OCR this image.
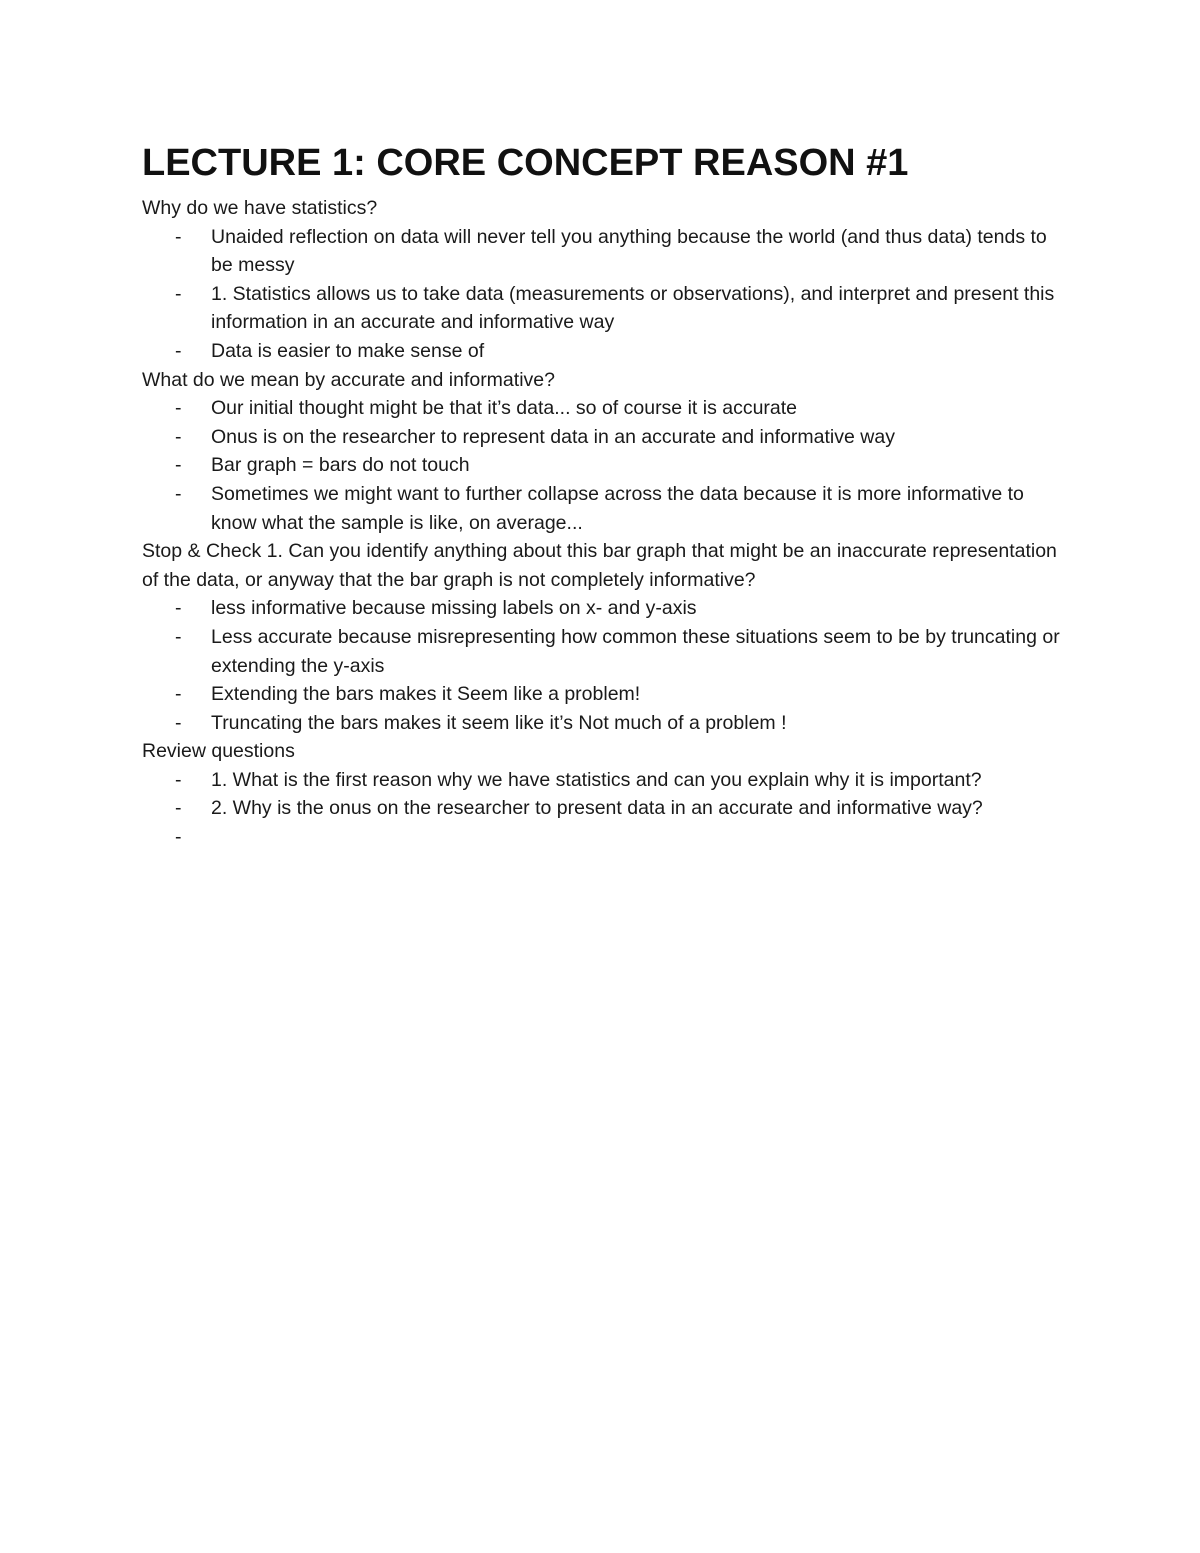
LECTURE 1: CORE CONCEPT REASON #1

Why do we have statistics?

- Unaided reflection on data will never tell you anything because the world (and thus data) tends to be messy
- 1. Statistics allows us to take data (measurements or observations), and interpret and present this information in an accurate and informative way
- Data is easier to make sense of

What do we mean by accurate and informative?

- Our initial thought might be that it’s data... so of course it is accurate
- Onus is on the researcher to represent data in an accurate and informative way
- Bar graph = bars do not touch
- Sometimes we might want to further collapse across the data because it is more informative to know what the sample is like, on average...

Stop & Check 1. Can you identify anything about this bar graph that might be an inaccurate representation of the data, or anyway that the bar graph is not completely informative?

- less informative because missing labels on x- and y-axis
- Less accurate because misrepresenting how common these situations seem to be by truncating or extending the y-axis
- Extending the bars makes it Seem like a problem!
- Truncating the bars makes it seem like it’s Not much of a problem !

Review questions

- 1. What is the first reason why we have statistics and can you explain why it is important?
- 2. Why is the onus on the researcher to present data in an accurate and informative way?
-
